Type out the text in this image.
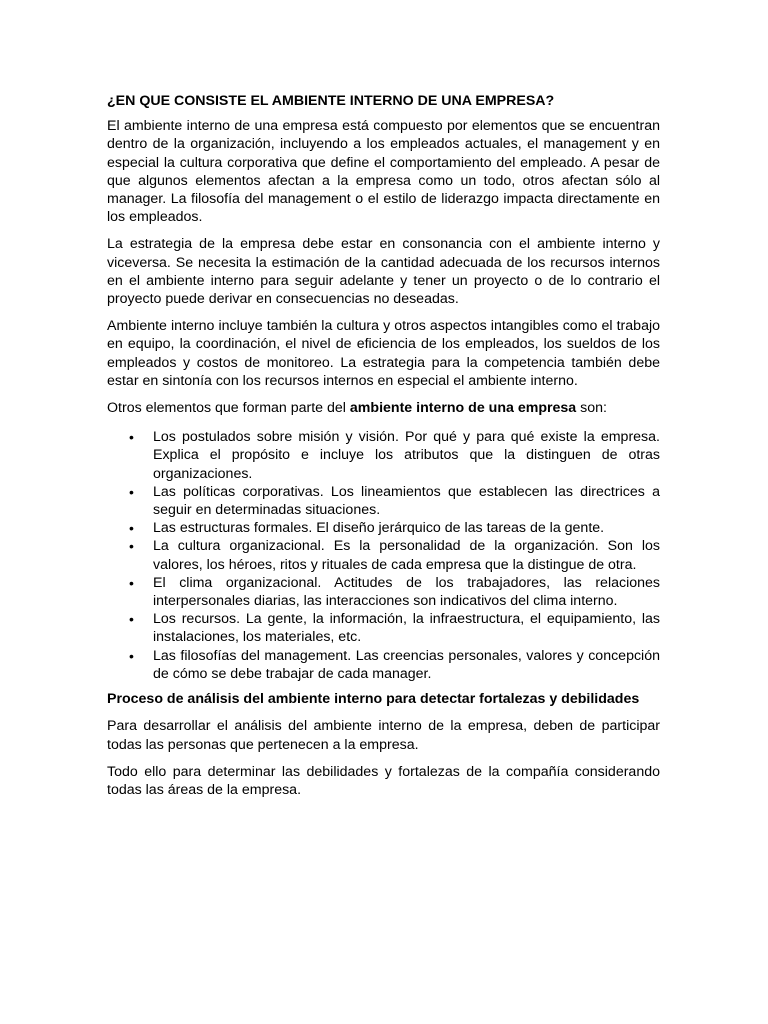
¿EN QUE CONSISTE EL AMBIENTE INTERNO DE UNA EMPRESA?

El ambiente interno de una empresa está compuesto por elementos que se encuentran dentro de la organización, incluyendo a los empleados actuales, el management y en especial la cultura corporativa que define el comportamiento del empleado. A pesar de que algunos elementos afectan a la empresa como un todo, otros afectan sólo al manager. La filosofía del management o el estilo de liderazgo impacta directamente en los empleados.

La estrategia de la empresa debe estar en consonancia con el ambiente interno y viceversa. Se necesita la estimación de la cantidad adecuada de los recursos internos en el ambiente interno para seguir adelante y tener un proyecto o de lo contrario el proyecto puede derivar en consecuencias no deseadas.

Ambiente interno incluye también la cultura y otros aspectos intangibles como el trabajo en equipo, la coordinación, el nivel de eficiencia de los empleados, los sueldos de los empleados y costos de monitoreo. La estrategia para la competencia también debe estar en sintonía con los recursos internos en especial el ambiente interno.

Otros elementos que forman parte del ambiente interno de una empresa son:

• Los postulados sobre misión y visión. Por qué y para qué existe la empresa. Explica el propósito e incluye los atributos que la distinguen de otras organizaciones.
• Las políticas corporativas. Los lineamientos que establecen las directrices a seguir en determinadas situaciones.
• Las estructuras formales. El diseño jerárquico de las tareas de la gente.
• La cultura organizacional. Es la personalidad de la organización. Son los valores, los héroes, ritos y rituales de cada empresa que la distingue de otra.
• El clima organizacional. Actitudes de los trabajadores, las relaciones interpersonales diarias, las interacciones son indicativos del clima interno.
• Los recursos. La gente, la información, la infraestructura, el equipamiento, las instalaciones, los materiales, etc.
• Las filosofías del management. Las creencias personales, valores y concepción de cómo se debe trabajar de cada manager.
Proceso de análisis del ambiente interno para detectar fortalezas y debilidades

Para desarrollar el análisis del ambiente interno de la empresa, deben de participar todas las personas que pertenecen a la empresa.

Todo ello para determinar las debilidades y fortalezas de la compañía considerando todas las áreas de la empresa.
